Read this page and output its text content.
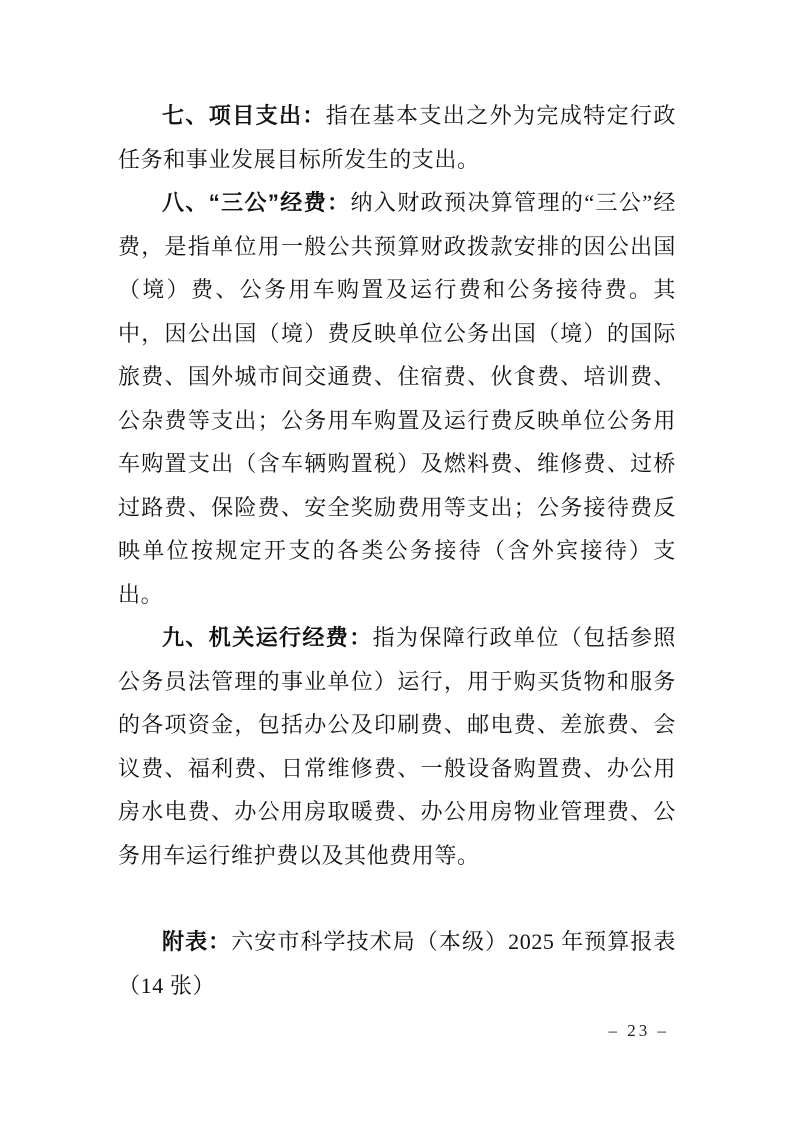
七、项目支出：指在基本支出之外为完成特定行政任务和事业发展目标所发生的支出。

八、“三公”经费：纳入财政预决算管理的“三公”经费，是指单位用一般公共预算财政拨款安排的因公出国（境）费、公务用车购置及运行费和公务接待费。其中，因公出国（境）费反映单位公务出国（境）的国际旅费、国外城市间交通费、住宿费、伙食费、培训费、公杂费等支出；公务用车购置及运行费反映单位公务用车购置支出（含车辆购置税）及燃料费、维修费、过桥过路费、保险费、安全奖励费用等支出；公务接待费反映单位按规定开支的各类公务接待（含外宾接待）支出。

九、机关运行经费：指为保障行政单位（包括参照公务员法管理的事业单位）运行，用于购买货物和服务的各项资金，包括办公及印刷费、邮电费、差旅费、会议费、福利费、日常维修费、一般设备购置费、办公用房水电费、办公用房取暖费、办公用房物业管理费、公务用车运行维护费以及其他费用等。

附表：六安市科学技术局（本级）2025 年预算报表（14 张）

– 23 –
